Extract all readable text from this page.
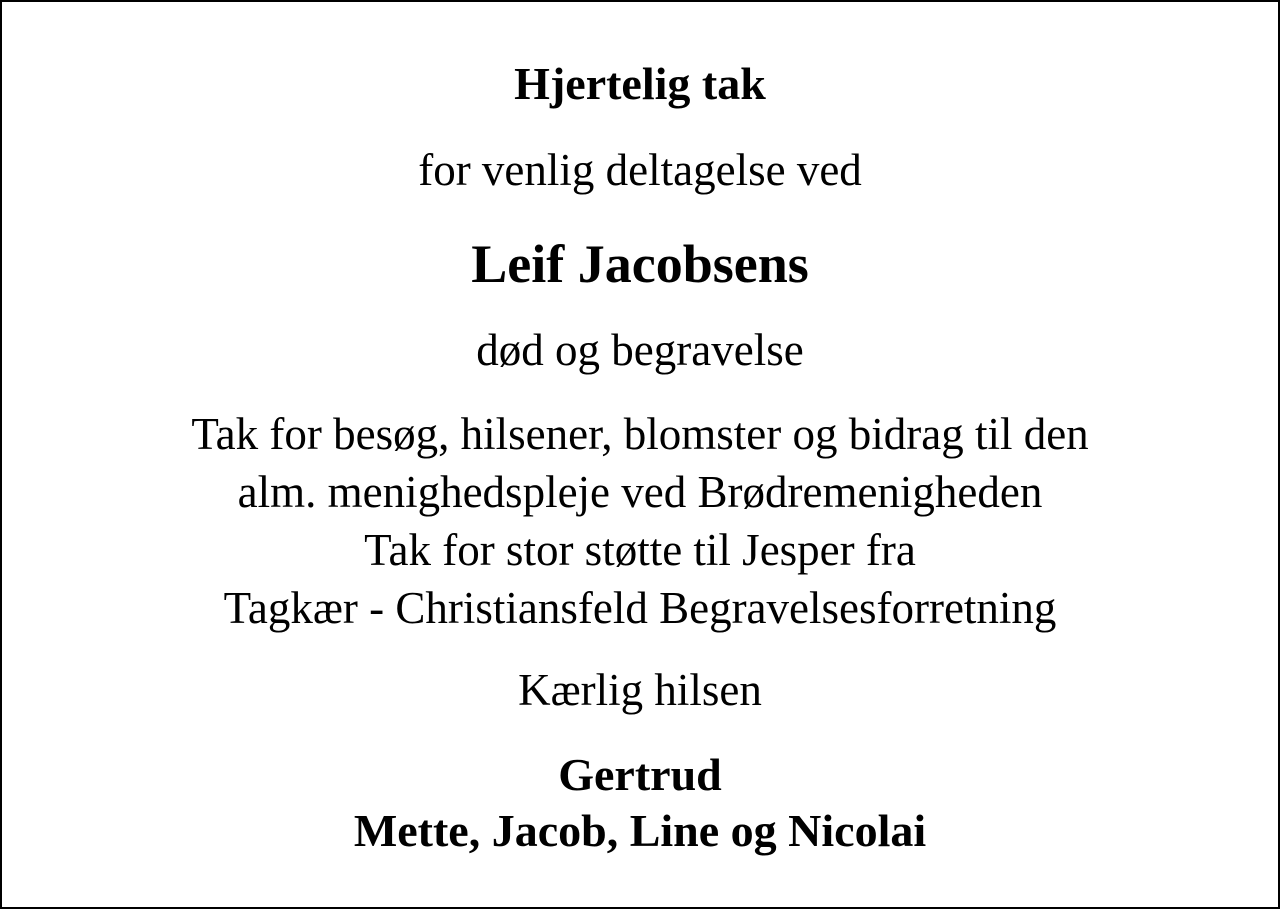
Hjertelig tak
for venlig deltagelse ved
Leif Jacobsens
død og begravelse
Tak for besøg, hilsener, blomster og bidrag til den
alm. menighedspleje ved Brødremenigheden
Tak for stor støtte til Jesper fra
Tagkær - Christiansfeld Begravelsesforretning
Kærlig hilsen
Gertrud
Mette, Jacob, Line og Nicolai
